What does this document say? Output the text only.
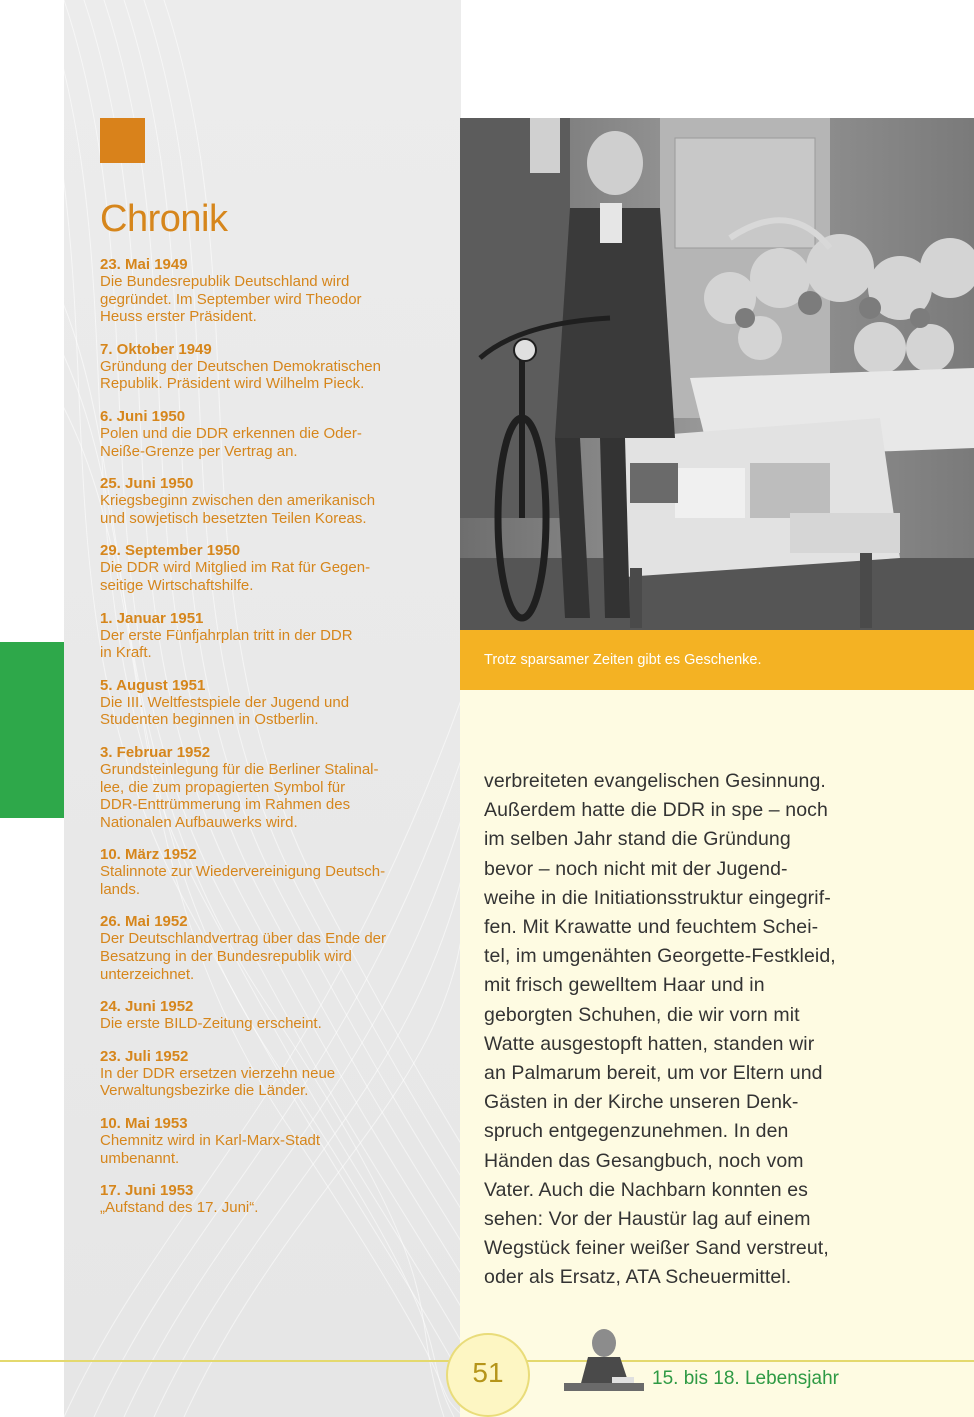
Chronik
23. Mai 1949
Die Bundesrepublik Deutschland wird
gegründet. Im September wird Theodor
Heuss erster Präsident.
7. Oktober 1949
Gründung der Deutschen Demokratischen
Republik. Präsident wird Wilhelm Pieck.
6. Juni 1950
Polen und die DDR erkennen die Oder-
Neiße-Grenze per Vertrag an.
25. Juni 1950
Kriegsbeginn zwischen den amerikanisch
und sowjetisch besetzten Teilen Koreas.
29. September 1950
Die DDR wird Mitglied im Rat für Gegen-
seitige Wirtschaftshilfe.
1. Januar 1951
Der erste Fünfjahrplan tritt in der DDR
in Kraft.
5. August 1951
Die III. Weltfestspiele der Jugend und
Studenten beginnen in Ostberlin.
3. Februar 1952
Grundsteinlegung für die Berliner Stalinal-
lee, die zum propagierten Symbol für
DDR-Enttrümmerung im Rahmen des
Nationalen Aufbauwerks wird.
10. März 1952
Stalinnote zur Wiedervereinigung Deutsch-
lands.
26. Mai 1952
Der Deutschlandvertrag über das Ende der
Besatzung in der Bundesrepublik wird
unterzeichnet.
24. Juni 1952
Die erste BILD-Zeitung erscheint.
23. Juli 1952
In der DDR ersetzen vierzehn neue
Verwaltungsbezirke die Länder.
10. Mai 1953
Chemnitz wird in Karl-Marx-Stadt
umbenannt.
17. Juni 1953
„Aufstand des 17. Juni“.
Trotz sparsamer Zeiten gibt es Geschenke.
verbreiteten evangelischen Gesinnung.
Außerdem hatte die DDR in spe – noch
im selben Jahr stand die Gründung
bevor – noch nicht mit der Jugend-
weihe in die Initiationsstruktur eingegrif-
fen. Mit Krawatte und feuchtem Schei-
tel, im umgenähten Georgette-Festkleid,
mit frisch gewelltem Haar und in
geborgten Schuhen, die wir vorn mit
Watte ausgestopft hatten, standen wir
an Palmarum bereit, um vor Eltern und
Gästen in der Kirche unseren Denk-
spruch entgegenzunehmen. In den
Händen das Gesangbuch, noch vom
Vater. Auch die Nachbarn konnten es
sehen: Vor der Haustür lag auf einem
Wegstück feiner weißer Sand verstreut,
oder als Ersatz, ATA Scheuermittel.
51	15. bis 18. Lebensjahr
